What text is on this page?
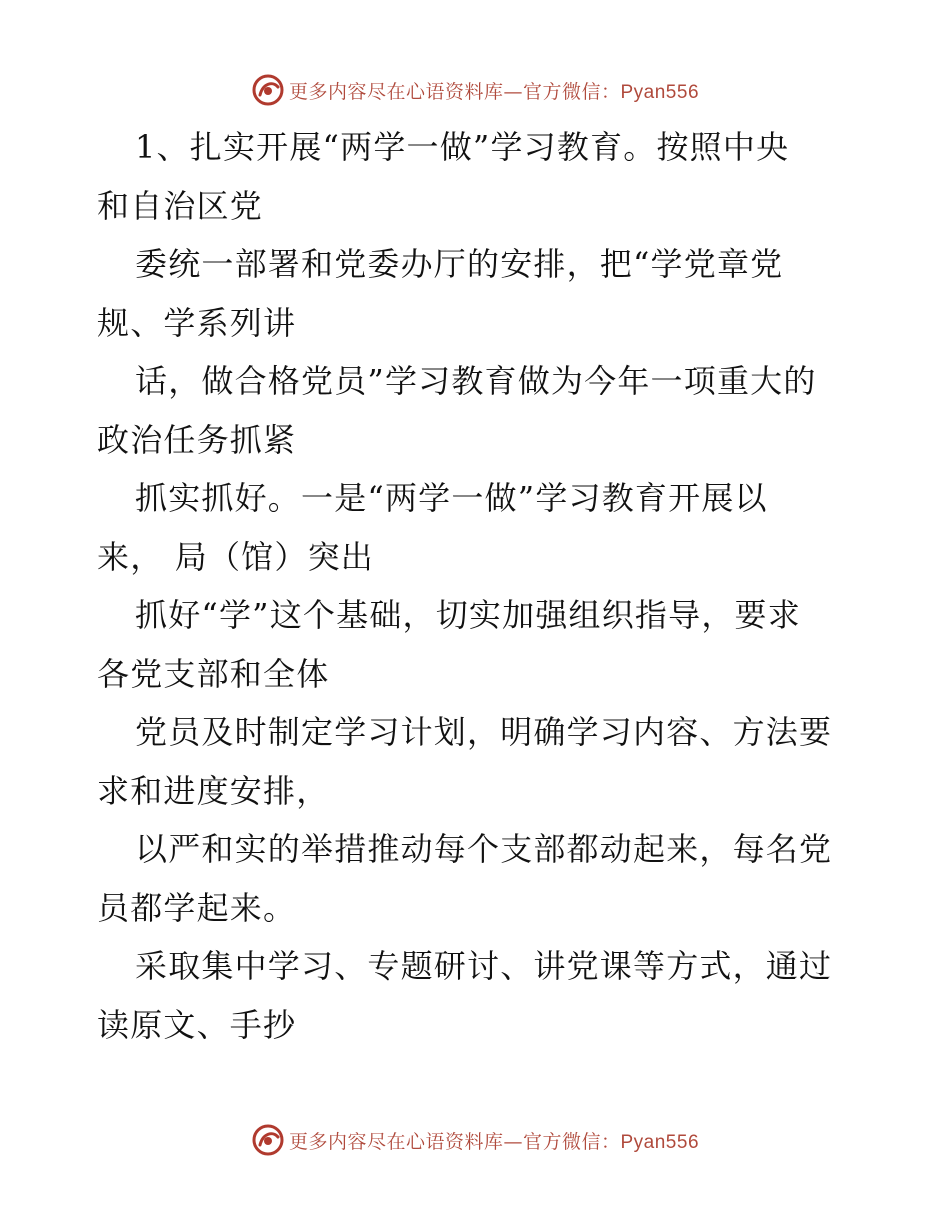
更多内容尽在心语资料库—官方微信：Pyan556
1、扎实开展“两学一做”学习教育。按照中央
和自治区党
委统一部署和党委办厅的安排，把“学党章党
规、学系列讲
话，做合格党员”学习教育做为今年一项重大的
政治任务抓紧
抓实抓好。一是“两学一做”学习教育开展以
来， 局（馆）突出
抓好“学”这个基础，切实加强组织指导，要求
各党支部和全体
党员及时制定学习计划，明确学习内容、方法要
求和进度安排，
以严和实的举措推动每个支部都动起来，每名党
员都学起来。
采取集中学习、专题研讨、讲党课等方式，通过
读原文、手抄
更多内容尽在心语资料库—官方微信：Pyan556
